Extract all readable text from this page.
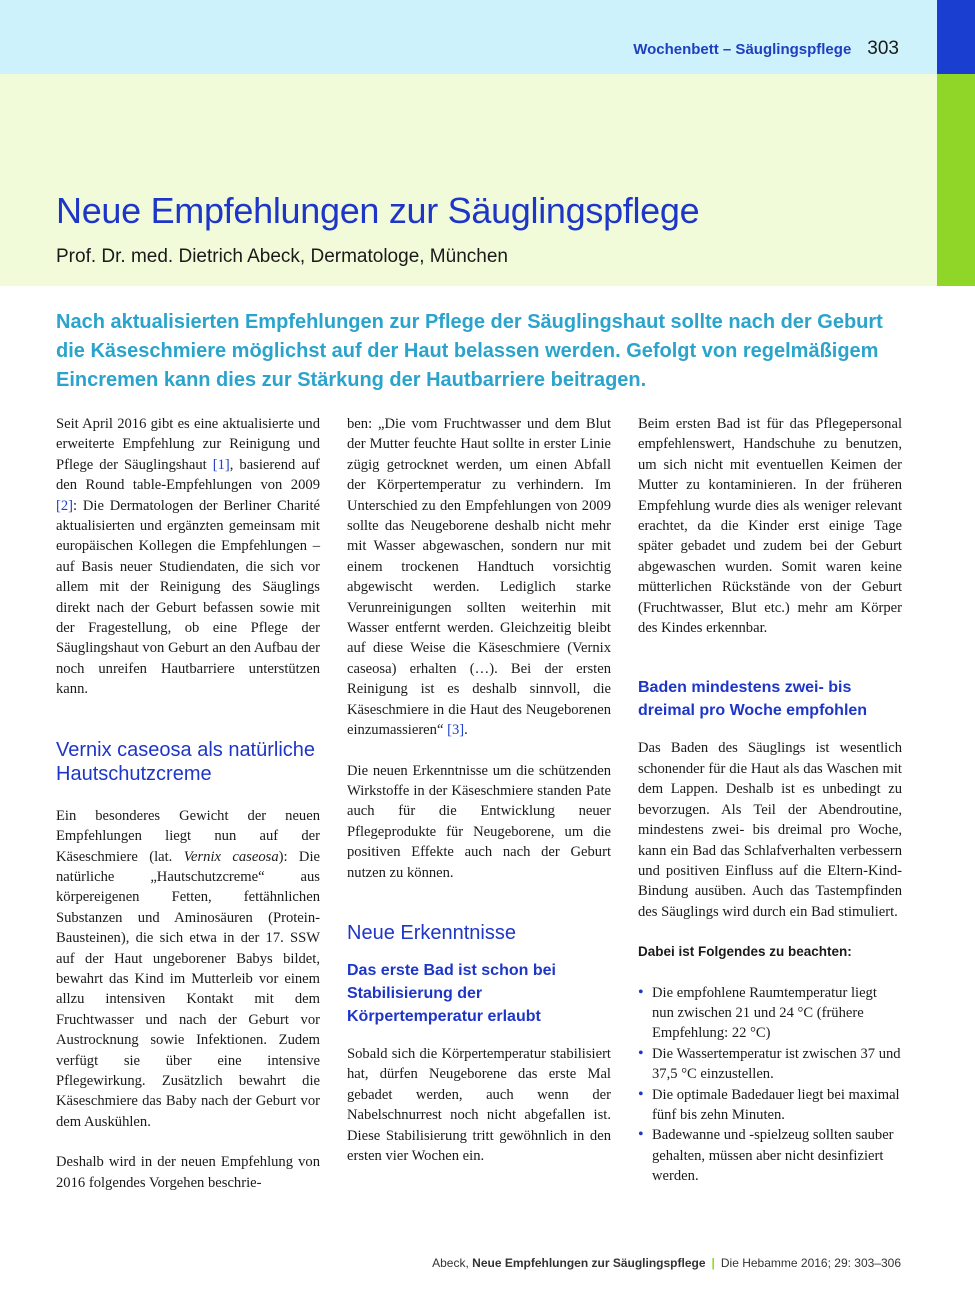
Wochenbett – Säuglingspflege 303
Neue Empfehlungen zur Säuglingspflege

Prof. Dr. med. Dietrich Abeck, Dermatologe, München

Nach aktualisierten Empfehlungen zur Pflege der Säuglingshaut sollte nach der Geburt die Käseschmiere möglichst auf der Haut belassen werden. Gefolgt von regelmäßigem Eincremen kann dies zur Stärkung der Hautbarriere beitragen.

Seit April 2016 gibt es eine aktualisierte und erweiterte Empfehlung zur Reinigung und Pflege der Säuglingshaut [1], basierend auf den Round table-Empfehlungen von 2009 [2]: Die Dermatologen der Berliner Charité aktualisierten und ergänzten gemeinsam mit europäischen Kollegen die Empfehlungen – auf Basis neuer Studiendaten, die sich vor allem mit der Reinigung des Säuglings direkt nach der Geburt befassen sowie mit der Fragestellung, ob eine Pflege der Säuglingshaut von Geburt an den Aufbau der noch unreifen Hautbarriere unterstützen kann.

Vernix caseosa als natürliche Hautschutzcreme

Ein besonderes Gewicht der neuen Empfehlungen liegt nun auf der Käseschmiere (lat. Vernix caseosa): Die natürliche „Hautschutzcreme“ aus körpereigenen Fetten, fettähnlichen Substanzen und Aminosäuren (Protein-Bausteinen), die sich etwa in der 17. SSW auf der Haut ungeborener Babys bildet, bewahrt das Kind im Mutterleib vor einem allzu intensiven Kontakt mit dem Fruchtwasser und nach der Geburt vor Austrocknung sowie Infektionen. Zudem verfügt sie über eine intensive Pflegewirkung. Zusätzlich bewahrt die Käseschmiere das Baby nach der Geburt vor dem Auskühlen.

Deshalb wird in der neuen Empfehlung von 2016 folgendes Vorgehen beschrie-

ben: „Die vom Fruchtwasser und dem Blut der Mutter feuchte Haut sollte in erster Linie zügig getrocknet werden, um einen Abfall der Körpertemperatur zu verhindern. Im Unterschied zu den Empfehlungen von 2009 sollte das Neugeborene deshalb nicht mehr mit Wasser abgewaschen, sondern nur mit einem trockenen Handtuch vorsichtig abgewischt werden. Lediglich starke Verunreinigungen sollten weiterhin mit Wasser entfernt werden. Gleichzeitig bleibt auf diese Weise die Käseschmiere (Vernix caseosa) erhalten (…). Bei der ersten Reinigung ist es deshalb sinnvoll, die Käseschmiere in die Haut des Neugeborenen einzumassieren“ [3].

Die neuen Erkenntnisse um die schützenden Wirkstoffe in der Käseschmiere standen Pate auch für die Entwicklung neuer Pflegeprodukte für Neugeborene, um die positiven Effekte auch nach der Geburt nutzen zu können.

Neue Erkenntnisse
Das erste Bad ist schon bei Stabilisierung der Körpertemperatur erlaubt

Sobald sich die Körpertemperatur stabilisiert hat, dürfen Neugeborene das erste Mal gebadet werden, auch wenn der Nabelschnurrest noch nicht abgefallen ist. Diese Stabilisierung tritt gewöhnlich in den ersten vier Wochen ein.

Beim ersten Bad ist für das Pflegepersonal empfehlenswert, Handschuhe zu benutzen, um sich nicht mit eventuellen Keimen der Mutter zu kontaminieren. In der früheren Empfehlung wurde dies als weniger relevant erachtet, da die Kinder erst einige Tage später gebadet und zudem bei der Geburt abgewaschen wurden. Somit waren keine mütterlichen Rückstände von der Geburt (Fruchtwasser, Blut etc.) mehr am Körper des Kindes erkennbar.

Baden mindestens zwei- bis dreimal pro Woche empfohlen

Das Baden des Säuglings ist wesentlich schonender für die Haut als das Waschen mit dem Lappen. Deshalb ist es unbedingt zu bevorzugen. Als Teil der Abendroutine, mindestens zwei- bis dreimal pro Woche, kann ein Bad das Schlafverhalten verbessern und positiven Einfluss auf die Eltern-Kind-Bindung ausüben. Auch das Tastempfinden des Säuglings wird durch ein Bad stimuliert.

Dabei ist Folgendes zu beachten:

• Die empfohlene Raumtemperatur liegt nun zwischen 21 und 24 °C (frühere Empfehlung: 22 °C)
• Die Wassertemperatur ist zwischen 37 und 37,5 °C einzustellen.
• Die optimale Badedauer liegt bei maximal fünf bis zehn Minuten.
• Badewanne und -spielzeug sollten sauber gehalten, müssen aber nicht desinfiziert werden.
Abeck, Neue Empfehlungen zur Säuglingspflege | Die Hebamme 2016; 29: 303–306
